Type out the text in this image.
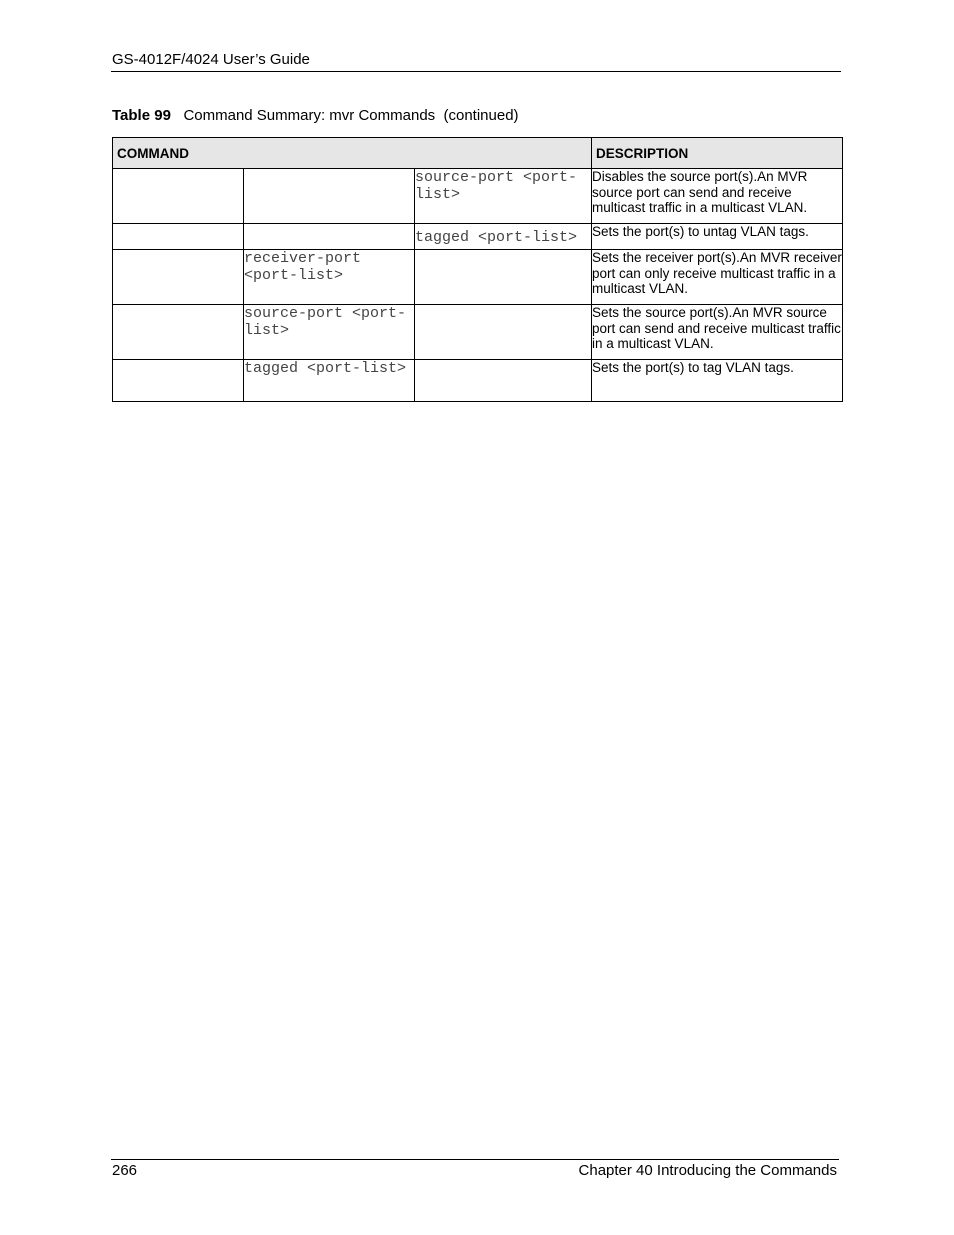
GS-4012F/4024 User’s Guide
Table 99 Command Summary: mvr Commands  (continued)
COMMAND			DESCRIPTION
		source-port <port-list>	Disables the source port(s).An MVR source port can send and receive multicast traffic in a multicast VLAN.
		tagged <port-list>	Sets the port(s) to untag VLAN tags.
	receiver-port <port-list>		Sets the receiver port(s).An MVR receiver port can only receive multicast traffic in a multicast VLAN.
	source-port <port-list>		Sets the source port(s).An MVR source port can send and receive multicast traffic in a multicast VLAN.
	tagged <port-list>		Sets the port(s) to tag VLAN tags.
266	Chapter 40 Introducing the Commands
